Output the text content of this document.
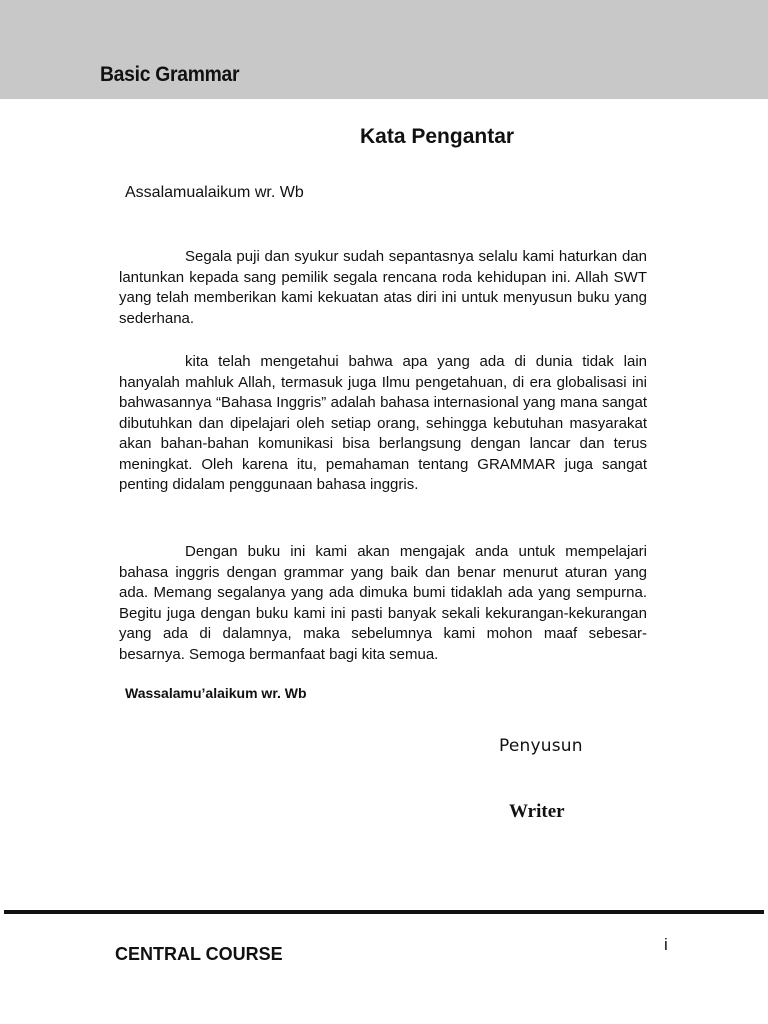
Basic Grammar
Kata Pengantar
Assalamualaikum wr. Wb

Segala puji dan syukur sudah sepantasnya selalu kami haturkan dan lantunkan kepada sang pemilik segala rencana roda kehidupan ini. Allah SWT yang telah memberikan kami kekuatan atas diri ini untuk menyusun buku yang sederhana.

kita telah mengetahui bahwa apa yang ada di dunia tidak lain hanyalah mahluk Allah, termasuk juga Ilmu pengetahuan, di era globalisasi ini bahwasannya “Bahasa Inggris” adalah bahasa internasional yang mana sangat dibutuhkan dan dipelajari oleh setiap orang, sehingga kebutuhan masyarakat akan bahan-bahan komunikasi bisa berlangsung dengan lancar dan terus meningkat. Oleh karena itu, pemahaman tentang GRAMMAR juga sangat penting didalam penggunaan bahasa inggris.

Dengan buku ini kami akan mengajak anda untuk mempelajari bahasa inggris dengan grammar yang baik dan benar menurut aturan yang ada. Memang segalanya yang ada dimuka bumi tidaklah ada yang sempurna. Begitu juga dengan buku kami ini pasti banyak sekali kekurangan-kekurangan yang ada di dalamnya, maka sebelumnya kami mohon maaf sebesar-besarnya. Semoga bermanfaat bagi kita semua.

Wassalamu’alaikum wr. Wb
Penyusun
Writer
CENTRAL COURSE	i
